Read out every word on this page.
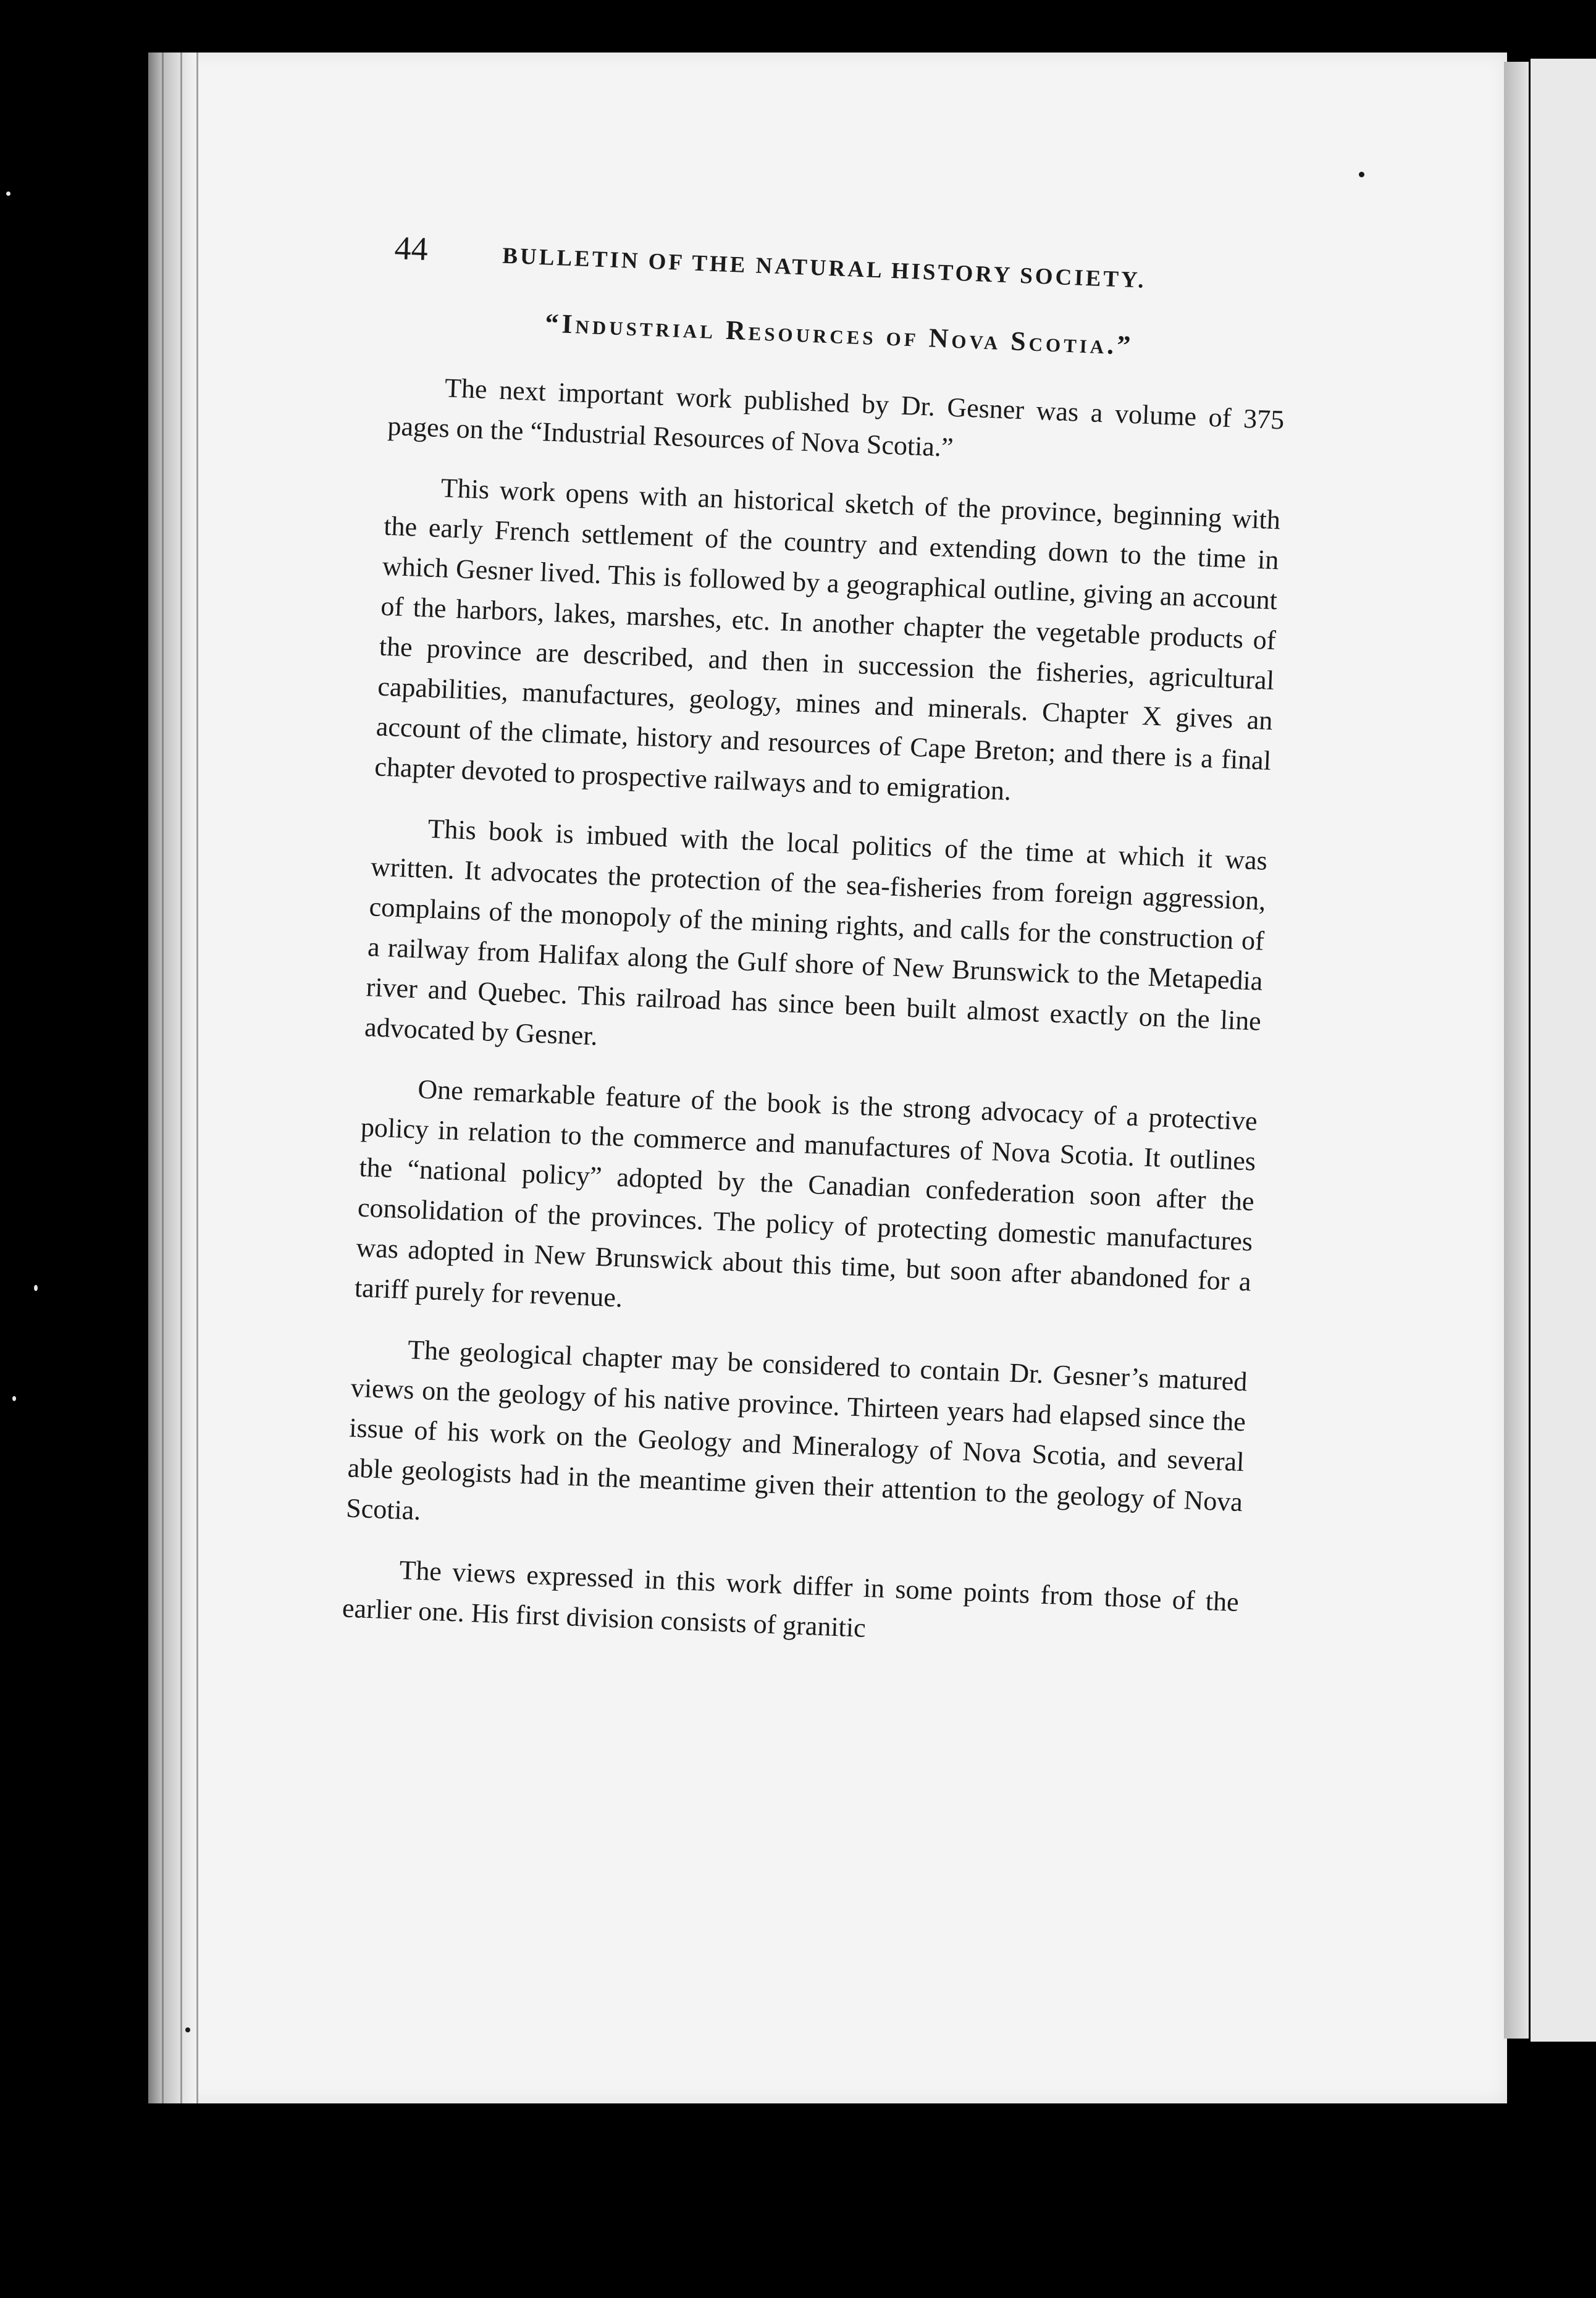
44	BULLETIN OF THE NATURAL HISTORY SOCIETY.
“Industrial Resources of Nova Scotia.”

The next important work published by Dr. Gesner was a volume of 375 pages on the “Industrial Resources of Nova Scotia.”

This work opens with an historical sketch of the province, beginning with the early French settlement of the country and extending down to the time in which Gesner lived. This is followed by a geographical outline, giving an account of the harbors, lakes, marshes, etc. In another chapter the vegetable products of the province are described, and then in succession the fisheries, agricultural capabilities, manufactures, geology, mines and minerals. Chapter X gives an account of the climate, history and resources of Cape Breton; and there is a final chapter devoted to prospective railways and to emigration.

This book is imbued with the local politics of the time at which it was written. It advocates the protection of the sea-fisheries from foreign aggression, complains of the monopoly of the mining rights, and calls for the construction of a railway from Halifax along the Gulf shore of New Brunswick to the Metapedia river and Quebec. This railroad has since been built almost exactly on the line advocated by Gesner.

One remarkable feature of the book is the strong advocacy of a protective policy in relation to the commerce and manufactures of Nova Scotia. It outlines the “national policy” adopted by the Canadian confederation soon after the consolidation of the provinces. The policy of protecting domestic manufactures was adopted in New Brunswick about this time, but soon after abandoned for a tariff purely for revenue.

The geological chapter may be considered to contain Dr. Gesner’s matured views on the geology of his native province. Thirteen years had elapsed since the issue of his work on the Geology and Mineralogy of Nova Scotia, and several able geologists had in the meantime given their attention to the geology of Nova Scotia.

The views expressed in this work differ in some points from those of the earlier one. His first division consists of granitic
